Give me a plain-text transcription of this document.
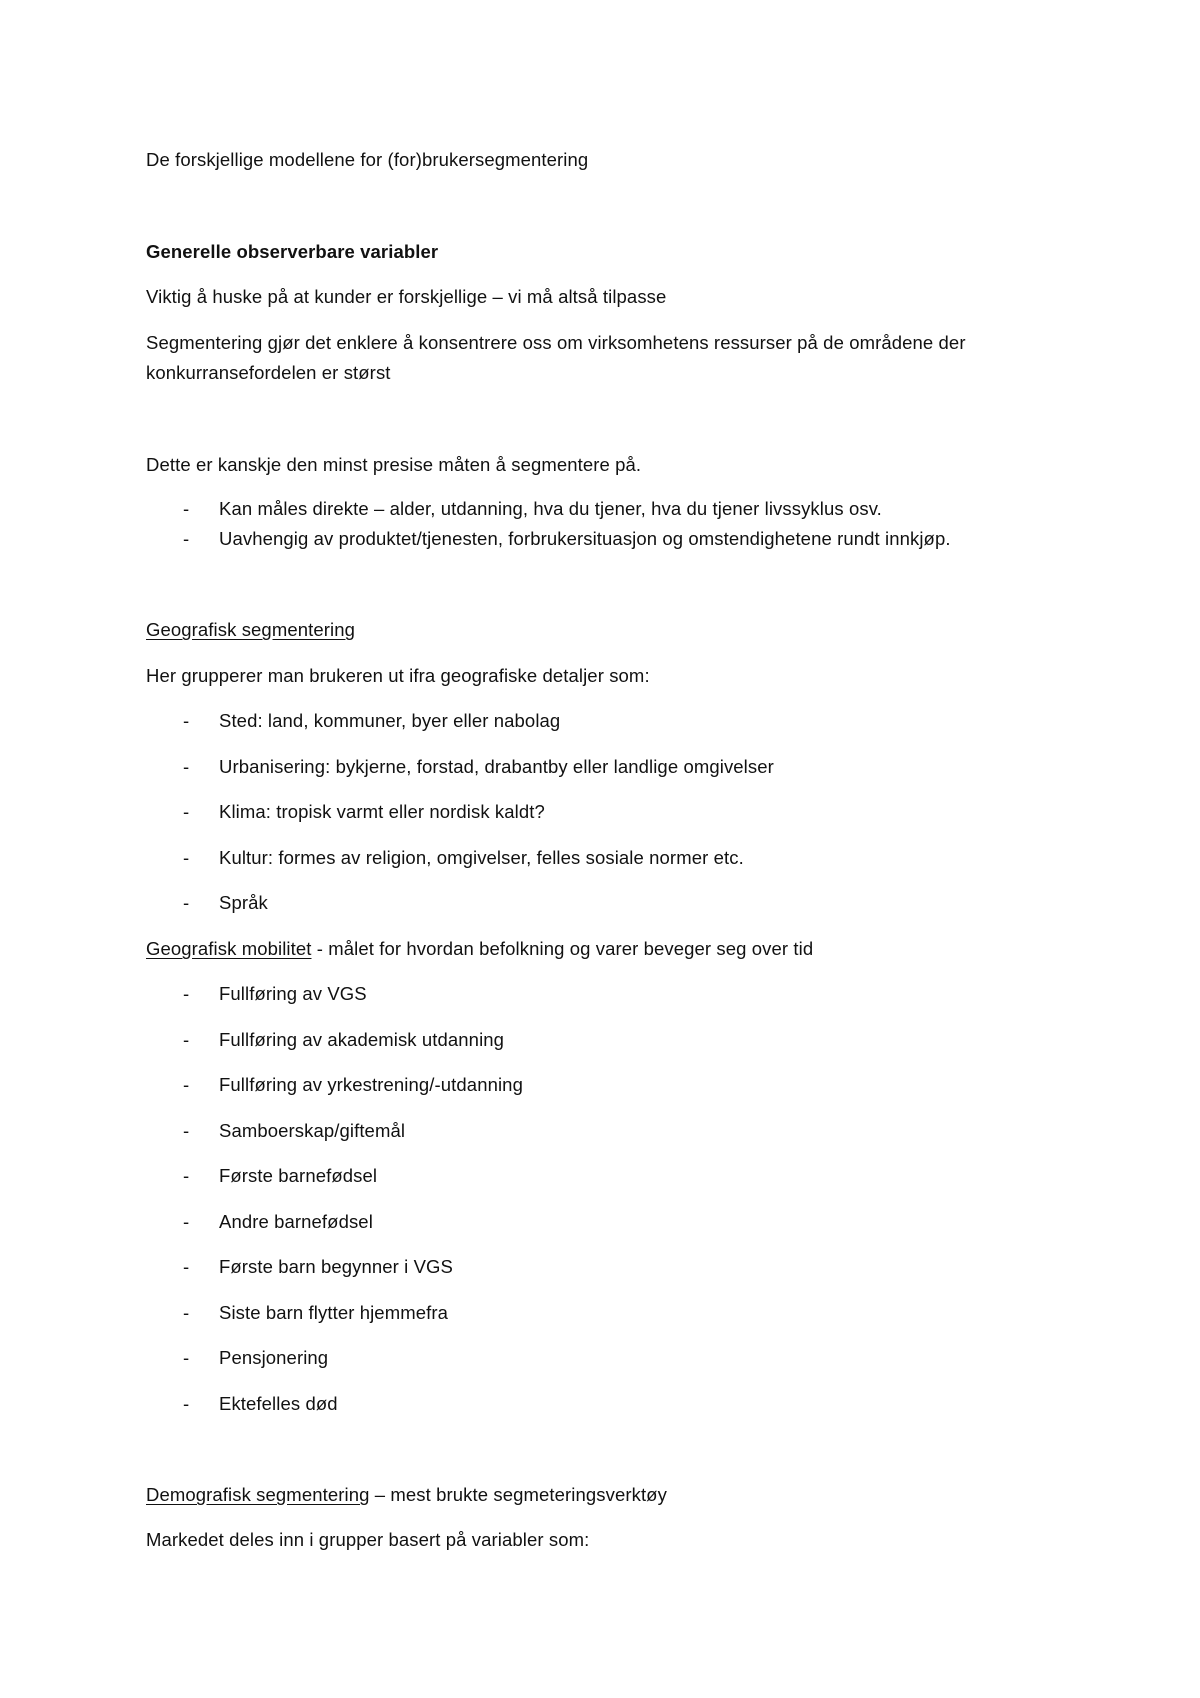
De forskjellige modellene for (for)brukersegmentering
Generelle observerbare variabler
Viktig å huske på at kunder er forskjellige – vi må altså tilpasse
Segmentering gjør det enklere å konsentrere oss om virksomhetens ressurser på de områdene der
konkurransefordelen er størst
Dette er kanskje den minst presise måten å segmentere på.
- Kan måles direkte – alder, utdanning, hva du tjener, hva du tjener livssyklus osv.
- Uavhengig av produktet/tjenesten, forbrukersituasjon og omstendighetene rundt innkjøp.
Geografisk segmentering
Her grupperer man brukeren ut ifra geografiske detaljer som:
- Sted: land, kommuner, byer eller nabolag
- Urbanisering: bykjerne, forstad, drabantby eller landlige omgivelser
- Klima: tropisk varmt eller nordisk kaldt?
- Kultur: formes av religion, omgivelser, felles sosiale normer etc.
- Språk
Geografisk mobilitet - målet for hvordan befolkning og varer beveger seg over tid
- Fullføring av VGS
- Fullføring av akademisk utdanning
- Fullføring av yrkestrening/-utdanning
- Samboerskap/giftemål
- Første barnefødsel
- Andre barnefødsel
- Første barn begynner i VGS
- Siste barn flytter hjemmefra
- Pensjonering
- Ektefelles død
Demografisk segmentering – mest brukte segmeteringsverktøy
Markedet deles inn i grupper basert på variabler som:
